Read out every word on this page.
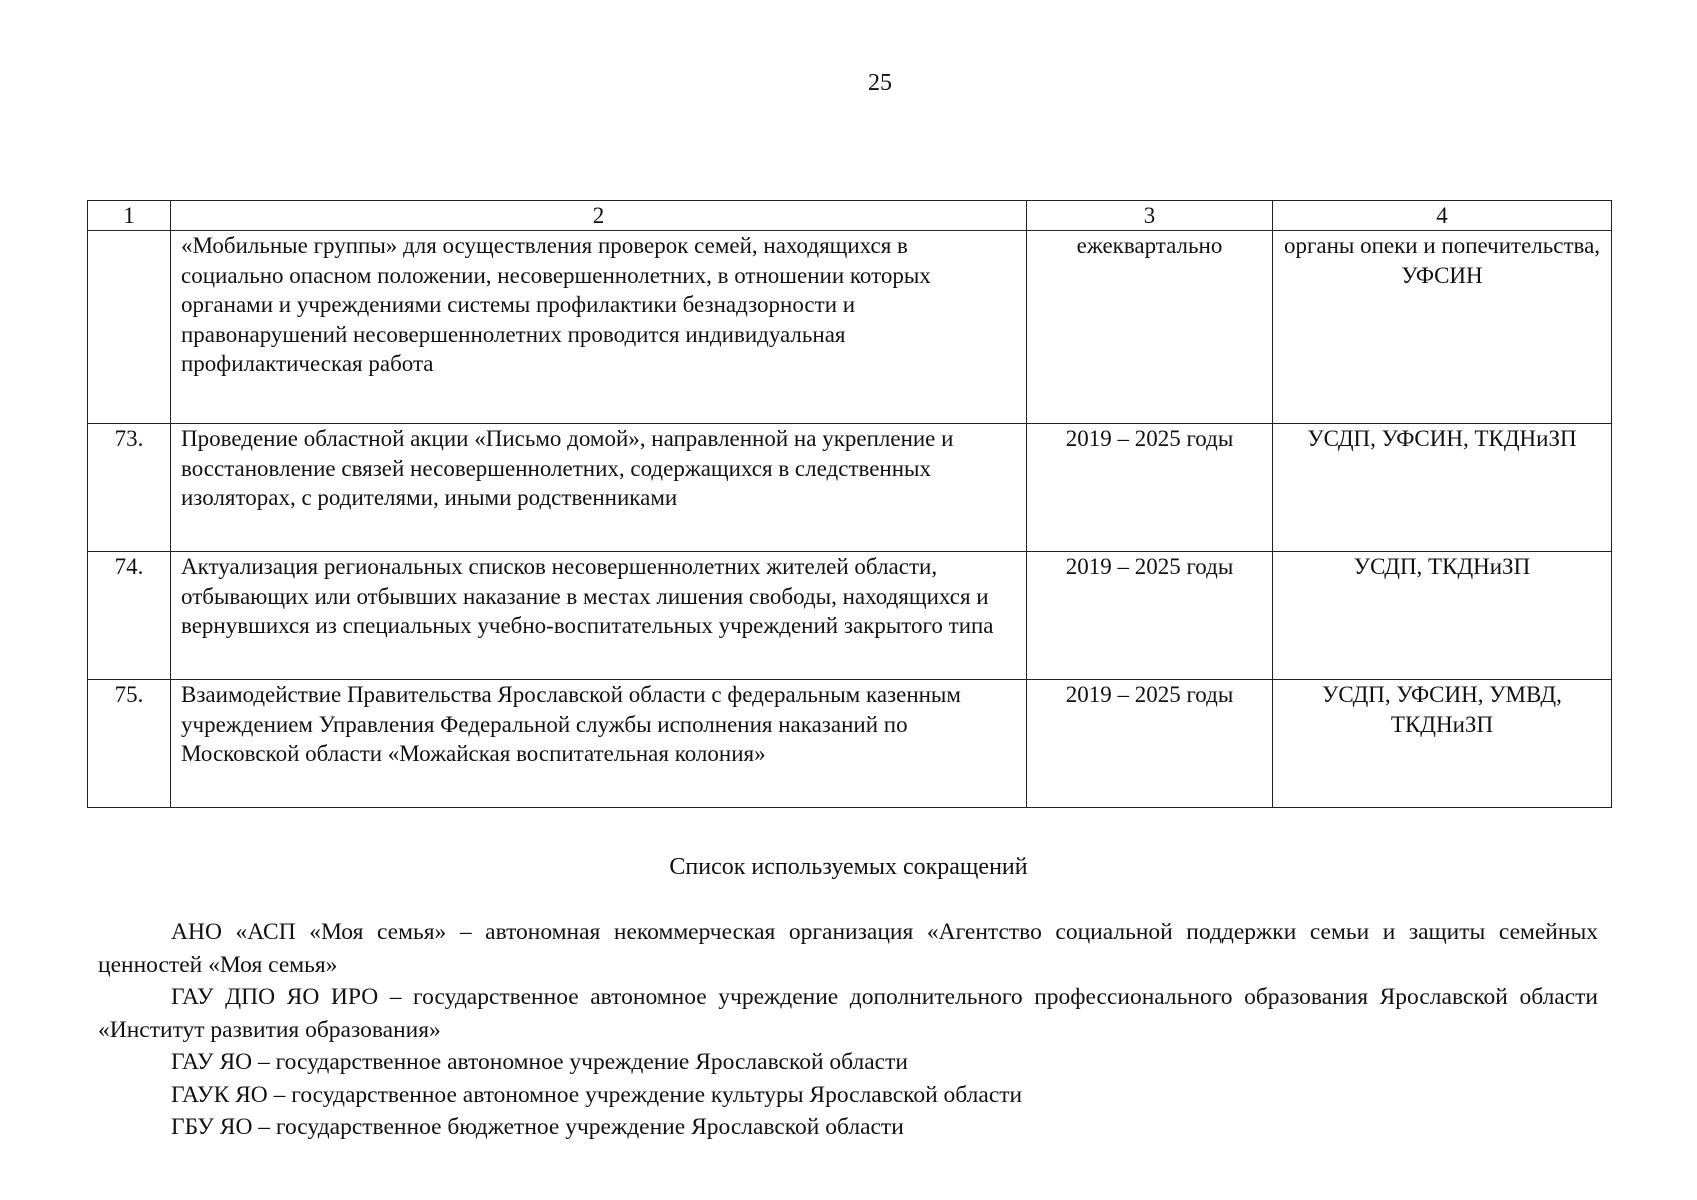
25
1	2	3	4
	«Мобильные группы» для осуществления проверок семей, находящихся в социально опасном положении, несовершеннолетних, в отношении которых органами и учреждениями системы профилактики безнадзорности и правонарушений несовершеннолетних проводится индивидуальная профилактическая работа	ежеквартально	органы опеки и попечительства, УФСИН
73.	Проведение областной акции «Письмо домой», направленной на укрепление и восстановление связей несовершеннолетних, содержащихся в следственных изоляторах, с родителями, иными родственниками	2019 – 2025 годы	УСДП, УФСИН, ТКДНиЗП
74.	Актуализация региональных списков несовершеннолетних жителей области, отбывающих или отбывших наказание в местах лишения свободы, находящихся и вернувшихся из специальных учебно-воспитательных учреждений закрытого типа	2019 – 2025 годы	УСДП, ТКДНиЗП
75.	Взаимодействие Правительства Ярославской области с федеральным казенным учреждением Управления Федеральной службы исполнения наказаний по Московской области «Можайская воспитательная колония»	2019 – 2025 годы	УСДП, УФСИН, УМВД, ТКДНиЗП
Список используемых сокращений

АНО «АСП «Моя семья» – автономная некоммерческая организация «Агентство социальной поддержки семьи и защиты семейных ценностей «Моя семья»

ГАУ ДПО ЯО ИРО – государственное автономное учреждение дополнительного профессионального образования Ярославской области «Институт развития образования»

ГАУ ЯО – государственное автономное учреждение Ярославской области

ГАУК ЯО – государственное автономное учреждение культуры Ярославской области

ГБУ ЯО – государственное бюджетное учреждение Ярославской области
